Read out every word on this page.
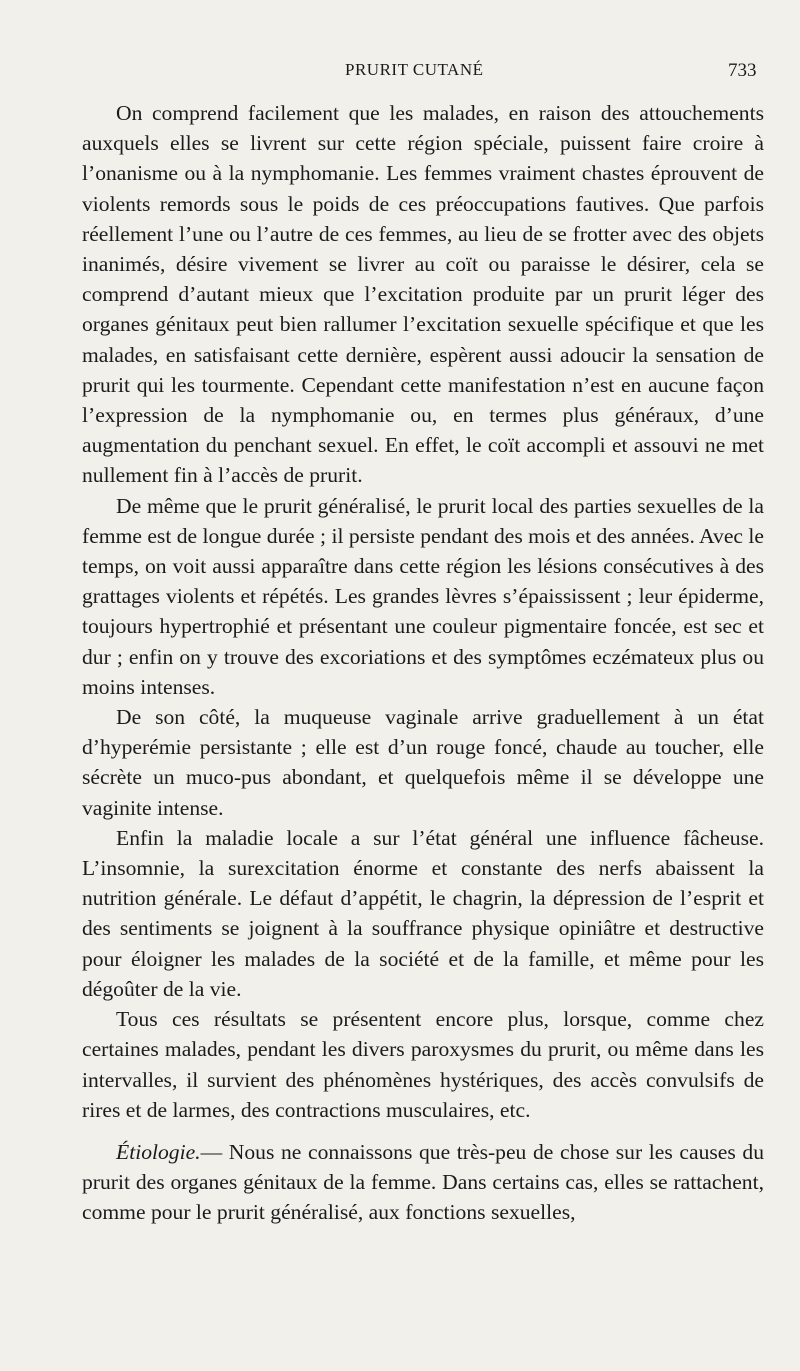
PRURIT CUTANÉ	733

On comprend facilement que les malades, en raison des attouchements auxquels elles se livrent sur cette région spéciale, puissent faire croire à l’onanisme ou à la nymphomanie. Les femmes vraiment chastes éprouvent de violents remords sous le poids de ces préoccupations fautives. Que parfois réellement l’une ou l’autre de ces femmes, au lieu de se frotter avec des objets inanimés, désire vivement se livrer au coït ou paraisse le désirer, cela se comprend d’autant mieux que l’excitation produite par un prurit léger des organes génitaux peut bien rallumer l’excitation sexuelle spécifique et que les malades, en satisfaisant cette dernière, espèrent aussi adoucir la sensation de prurit qui les tourmente. Cependant cette manifestation n’est en aucune façon l’expression de la nymphomanie ou, en termes plus généraux, d’une augmentation du penchant sexuel. En effet, le coït accompli et assouvi ne met nullement fin à l’accès de prurit.

De même que le prurit généralisé, le prurit local des parties sexuelles de la femme est de longue durée ; il persiste pendant des mois et des années. Avec le temps, on voit aussi apparaître dans cette région les lésions consécutives à des grattages violents et répétés. Les grandes lèvres s’épaississent ; leur épiderme, toujours hypertrophié et présentant une couleur pigmentaire foncée, est sec et dur ; enfin on y trouve des excoriations et des symptômes eczémateux plus ou moins intenses.

De son côté, la muqueuse vaginale arrive graduellement à un état d’hyperémie persistante ; elle est d’un rouge foncé, chaude au toucher, elle sécrète un muco-pus abondant, et quelquefois même il se développe une vaginite intense.

Enfin la maladie locale a sur l’état général une influence fâcheuse. L’insomnie, la surexcitation énorme et constante des nerfs abaissent la nutrition générale. Le défaut d’appétit, le chagrin, la dépression de l’esprit et des sentiments se joignent à la souffrance physique opiniâtre et destructive pour éloigner les malades de la société et de la famille, et même pour les dégoûter de la vie.

Tous ces résultats se présentent encore plus, lorsque, comme chez certaines malades, pendant les divers paroxysmes du prurit, ou même dans les intervalles, il survient des phénomènes hystériques, des accès convulsifs de rires et de larmes, des contractions musculaires, etc.

Étiologie.— Nous ne connaissons que très-peu de chose sur les causes du prurit des organes génitaux de la femme. Dans certains cas, elles se rattachent, comme pour le prurit généralisé, aux fonctions sexuelles,
